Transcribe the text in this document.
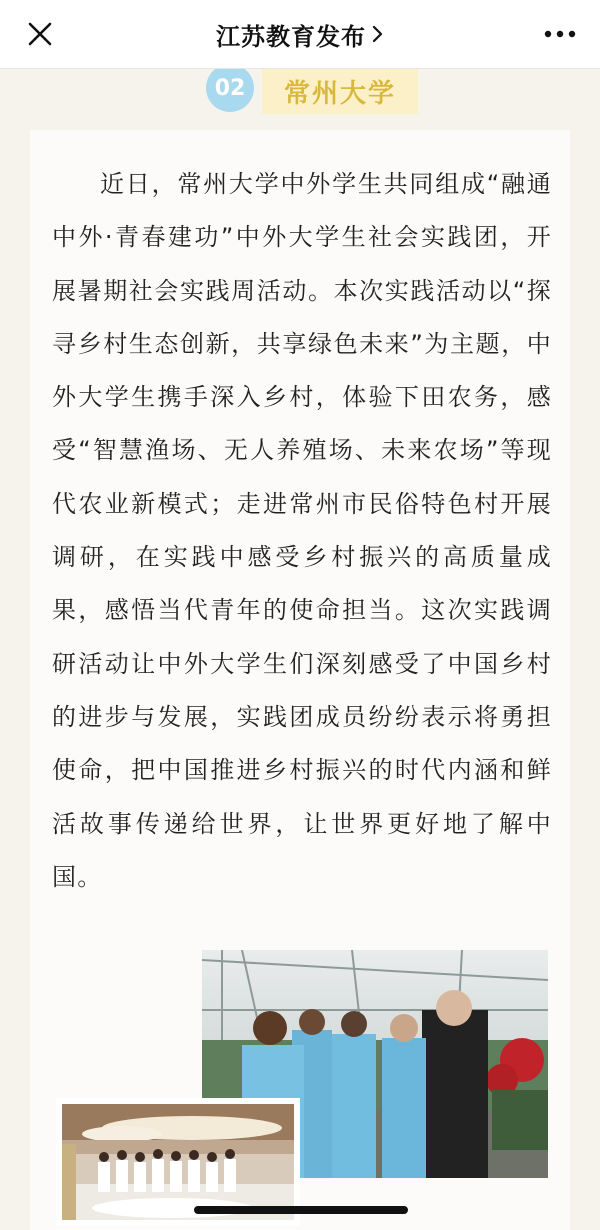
江苏教育发布
02	常州大学

近日，常州大学中外学生共同组成“融通中外·青春建功”中外大学生社会实践团，开展暑期社会实践周活动。本次实践活动以“探寻乡村生态创新，共享绿色未来”为主题，中外大学生携手深入乡村，体验下田农务，感受“智慧渔场、无人养殖场、未来农场”等现代农业新模式；走进常州市民俗特色村开展调研，在实践中感受乡村振兴的高质量成果，感悟当代青年的使命担当。这次实践调研活动让中外大学生们深刻感受了中国乡村的进步与发展，实践团成员纷纷表示将勇担使命，把中国推进乡村振兴的时代内涵和鲜活故事传递给世界，让世界更好地了解中国。
